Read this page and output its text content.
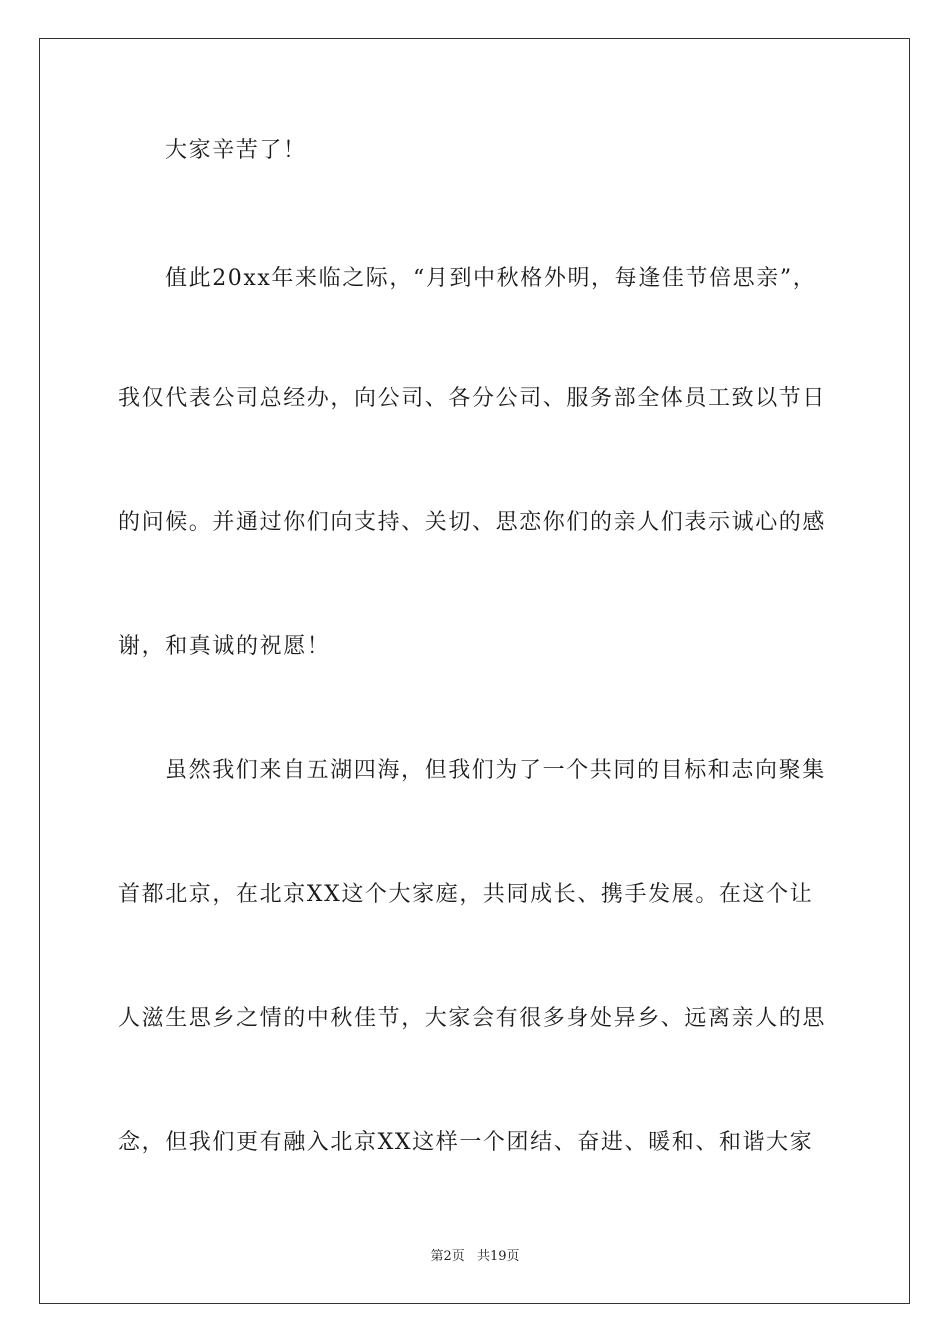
大家辛苦了！
值此20xx年来临之际，“月到中秋格外明，每逢佳节倍思亲”，
我仅代表公司总经办，向公司、各分公司、服务部全体员工致以节日
的问候。并通过你们向支持、关切、思恋你们的亲人们表示诚心的感
谢，和真诚的祝愿！
虽然我们来自五湖四海，但我们为了一个共同的目标和志向聚集
首都北京，在北京XX这个大家庭，共同成长、携手发展。在这个让
人滋生思乡之情的中秋佳节，大家会有很多身处异乡、远离亲人的思
念，但我们更有融入北京XX这样一个团结、奋进、暖和、和谐大家
第2页 共19页
